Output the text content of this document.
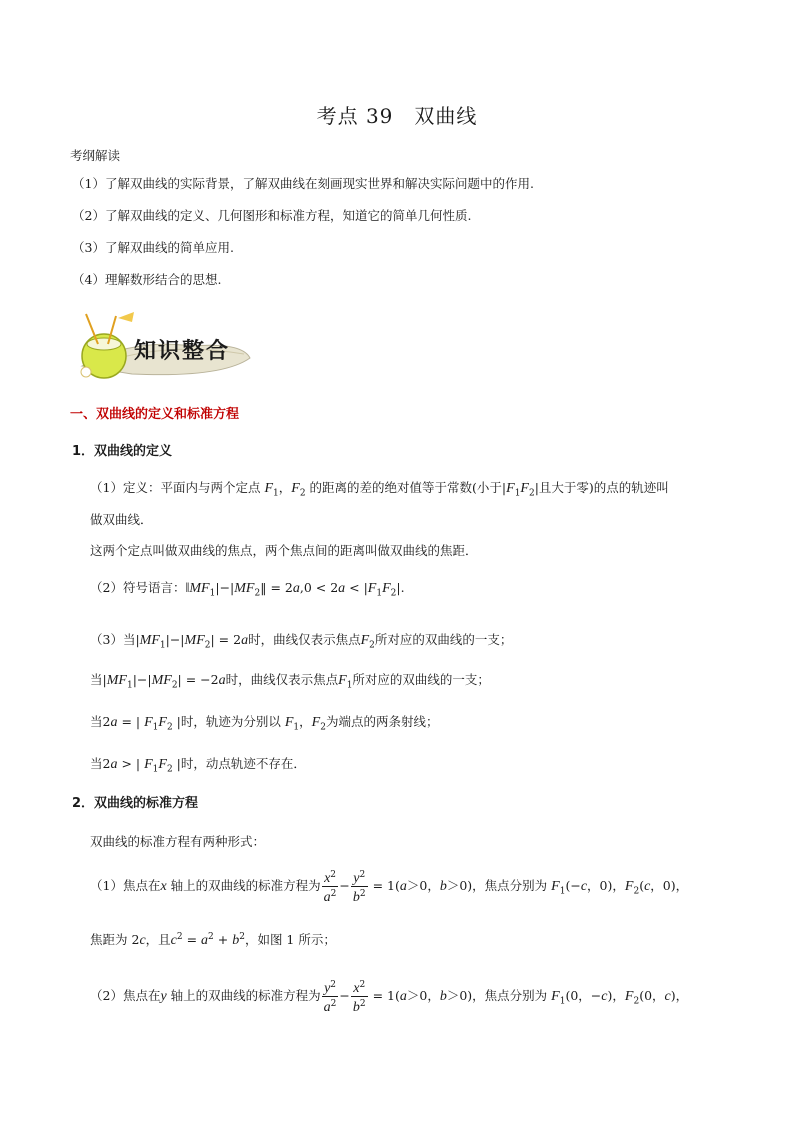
考点 39　双曲线
考纲解读
（1）了解双曲线的实际背景，了解双曲线在刻画现实世界和解决实际问题中的作用.
（2）了解双曲线的定义、几何图形和标准方程，知道它的简单几何性质.
（3）了解双曲线的简单应用.
（4）理解数形结合的思想.
知识整合
一、双曲线的定义和标准方程
1．双曲线的定义
（1）定义：平面内与两个定点 $F_1$，$F_2$ 的距离的差的绝对值等于常数(小于$|F_1F_2|$且大于零)的点的轨迹叫
做双曲线．
这两个定点叫做双曲线的焦点，两个焦点间的距离叫做双曲线的焦距．
（2）符号语言：$‖MF_1|-|MF_2‖ = 2a,0 < 2a < |F_1F_2|$.
（3）当$|MF_1|-|MF_2| = 2a$时，曲线仅表示焦点$F_2$所对应的双曲线的一支；
当$|MF_1|-|MF_2| = -2a$时，曲线仅表示焦点$F_1$所对应的双曲线的一支；
当2a = | $F_1F_2$ |时，轨迹为分别以 $F_1$，$F_2$为端点的两条射线；
当2a > | $F_1F_2$ |时，动点轨迹不存在．
2．双曲线的标准方程
双曲线的标准方程有两种形式：
（1）焦点在x 轴上的双曲线的标准方程为 $\frac{x^2}{a^2} - \frac{y^2}{b^2} = 1(a>0$，b＞0)，焦点分别为 $F_1(-c$，0)，$F_2(c$，0)，
焦距为 2c，且$c^2 = a^2 + b^2$，如图 1 所示；
（2）焦点在y 轴上的双曲线的标准方程为 $\frac{y^2}{a^2} - \frac{x^2}{b^2} = 1(a>0$，b＞0)，焦点分别为 $F_1(0$，−c)，$F_2(0$，c)，
